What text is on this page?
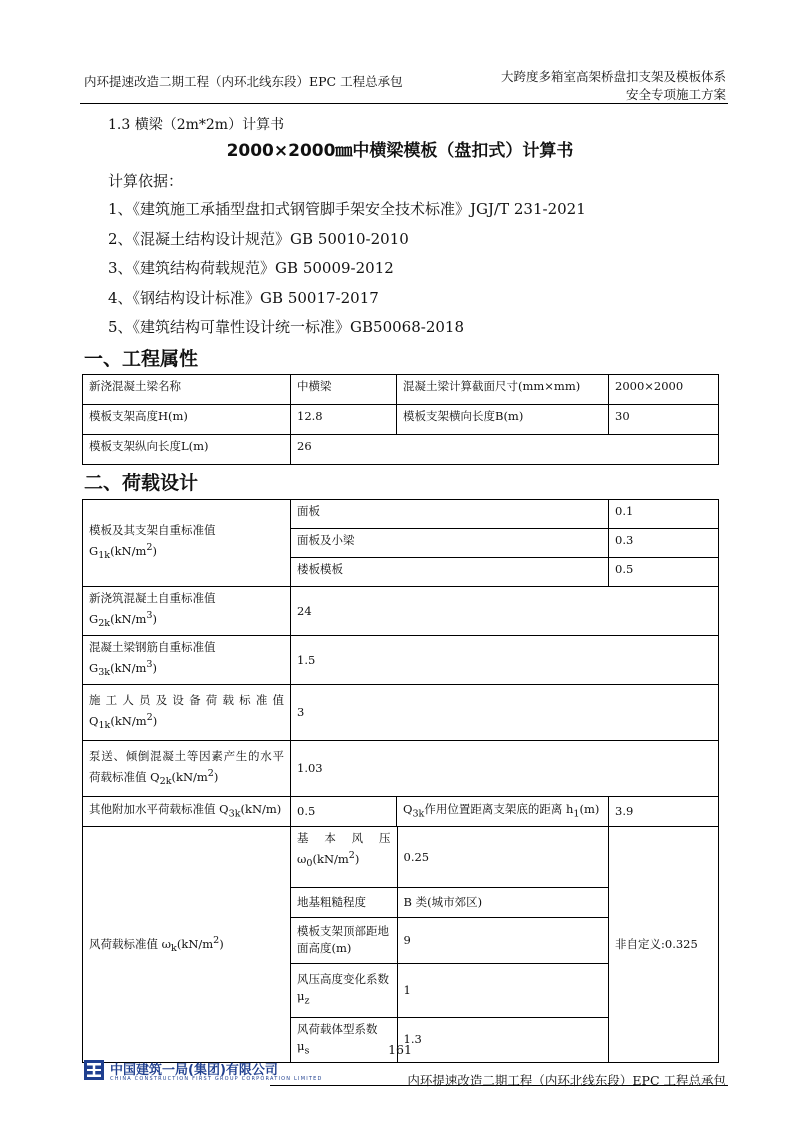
内环提速改造二期工程（内环北线东段）EPC 工程总承包	大跨度多箱室高架桥盘扣支架及模板体系
安全专项施工方案
1.3 横梁（2m*2m）计算书
2000×2000㎜中横梁模板（盘扣式）计算书
计算依据：
1、《建筑施工承插型盘扣式钢管脚手架安全技术标准》JGJ/T 231-2021
2、《混凝土结构设计规范》GB 50010-2010
3、《建筑结构荷载规范》GB 50009-2012
4、《钢结构设计标准》GB 50017-2017
5、《建筑结构可靠性设计统一标准》GB50068-2018
一、工程属性
新浇混凝土梁名称	中横梁	混凝土梁计算截面尺寸(mm×mm)	2000×2000
模板支架高度H(m)	12.8	模板支架横向长度B(m)	30
模板支架纵向长度L(m)	26		
二、荷载设计
模板及其支架自重标准值 $G_{1k}(kN/m^2)$	面板	0.1
面板及小梁	0.3
楼板模板	0.5
新浇筑混凝土自重标准值 $G_{2k}(kN/m^3)$	24
混凝土梁钢筋自重标准值 $G_{3k}(kN/m^3)$	1.5

施工人员及设备荷载标准值
$Q_{1k}(kN/m^2)$
	3

泵送、倾倒混凝土等因素产生的水平
荷载标准值 $Q_{2k}(kN/m^2)$
	1.03
其他附加水平荷载标准值 $Q_{3k}(kN/m)$	0.5	$Q_{3k}$作用位置距离支架底的距离 $h_1(m)$	3.9
风荷载标准值 $\omega_k(kN/m^2)$	
基本风压
$\omega_0(kN/m^2)$	0.25
地基粗糙程度	B 类(城市郊区)

模板支架顶部距地
面高度(m)
	9

风压高度变化系数
$\mu_z$
	1
风荷载体型系数 $\mu_s$	1.3
	非自定义:0.325
161
中国建筑一局(集团)有限公司
CHINA CONSTRUCTION FIRST GROUP CORPORATION LIMITED	内环提速改造二期工程（内环北线东段）EPC 工程总承包
